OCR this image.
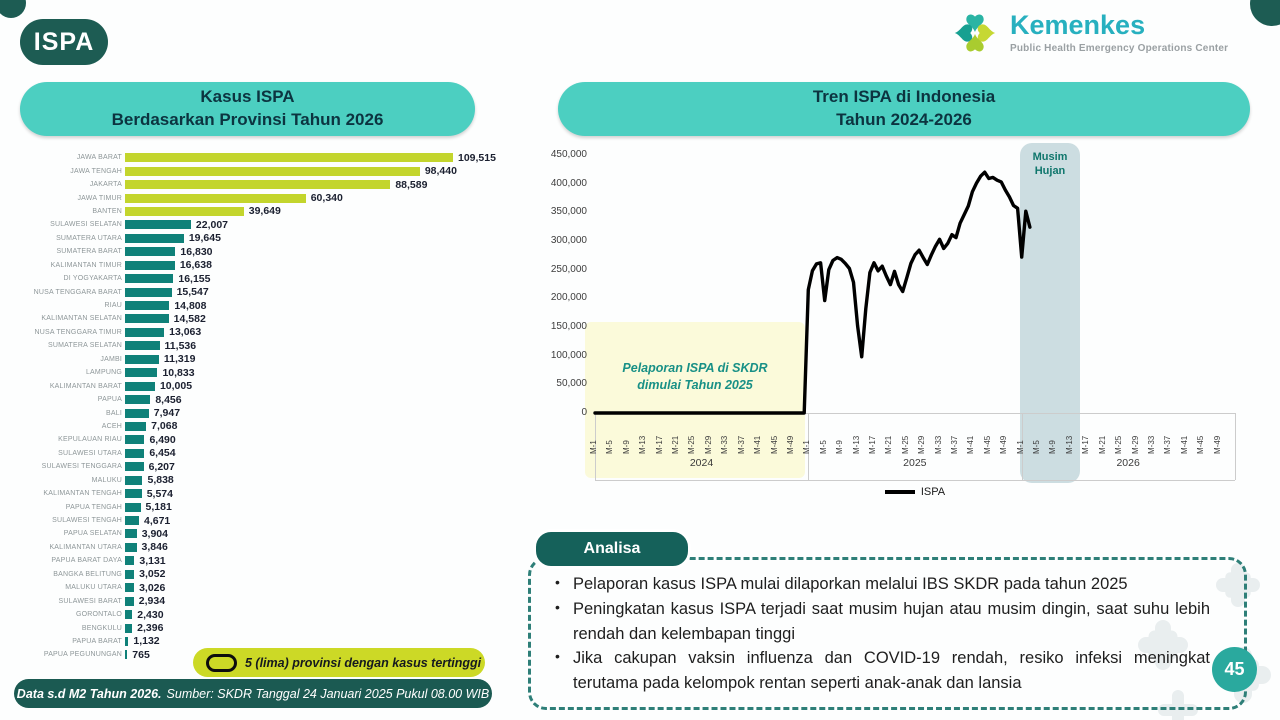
ISPA
Kasus ISPA
Berdasarkan Provinsi Tahun 2026
Tren ISPA di Indonesia
Tahun 2024-2026
Kemenkes
Public Health Emergency Operations Center
JAWA BARAT	109,515
JAWA TENGAH	98,440
JAKARTA	88,589
JAWA TIMUR	60,340
BANTEN	39,649
SULAWESI SELATAN	22,007
SUMATERA UTARA	19,645
SUMATERA BARAT	16,830
KALIMANTAN TIMUR	16,638
DI YOGYAKARTA	16,155
NUSA TENGGARA BARAT	15,547
RIAU	14,808
KALIMANTAN SELATAN	14,582
NUSA TENGGARA TIMUR	13,063
SUMATERA SELATAN	11,536
JAMBI	11,319
LAMPUNG	10,833
KALIMANTAN BARAT	10,005
PAPUA	8,456
BALI	7,947
ACEH	7,068
KEPULAUAN RIAU	6,490
SULAWESI UTARA	6,454
SULAWESI TENGGARA	6,207
MALUKU 5,838
KALIMANTAN TENGAH 5,574
PAPUA TENGAH 5,181
SULAWESI TENGAH 4,671
PAPUA SELATAN 3,904
KALIMANTAN UTARA 3,846
PAPUA BARAT DAYA 3,131
BANGKA BELITUNG 3,052
MALUKU UTARA 3,026
SULAWESI BARAT 2,934
GORONTALO 2,430
BENGKULU 2,396
PAPUA BARAT 1,132
PAPUA PEGUNUNGAN 765
5 (lima) provinsi dengan kasus tertinggi
Data s.d M2 Tahun 2026. Sumber: SKDR Tanggal 24 Januari 2025 Pukul 08.00 WIB
Musim Hujan
Pelaporan ISPA di SKDR
dimulai Tahun 2025
0
50,000
100,000
150,000
200,000
250,000
300,000
350,000
400,000
450,000
M-1 M-5 M-9 M-13 M-17 M-21 M-25 M-29 M-33 M-37 M-41 M-45 M-49
2024
M-1 M-5 M-9 M-13 M-17 M-21 M-25 M-29 M-33 M-37 M-41 M-45 M-49
2025
M-1 M-5 M-9 M-13 M-17 M-21 M-25 M-29 M-33 M-37 M-41 M-45 M-49
2026
ISPA
Analisa
• Pelaporan kasus ISPA mulai dilaporkan melalui IBS SKDR pada tahun 2025
• Peningkatan kasus ISPA terjadi saat musim hujan atau musim dingin, saat suhu lebih rendah dan kelembapan tinggi
• Jika cakupan vaksin influenza dan COVID-19 rendah, resiko infeksi meningkat terutama pada kelompok rentan seperti anak-anak dan lansia
45
